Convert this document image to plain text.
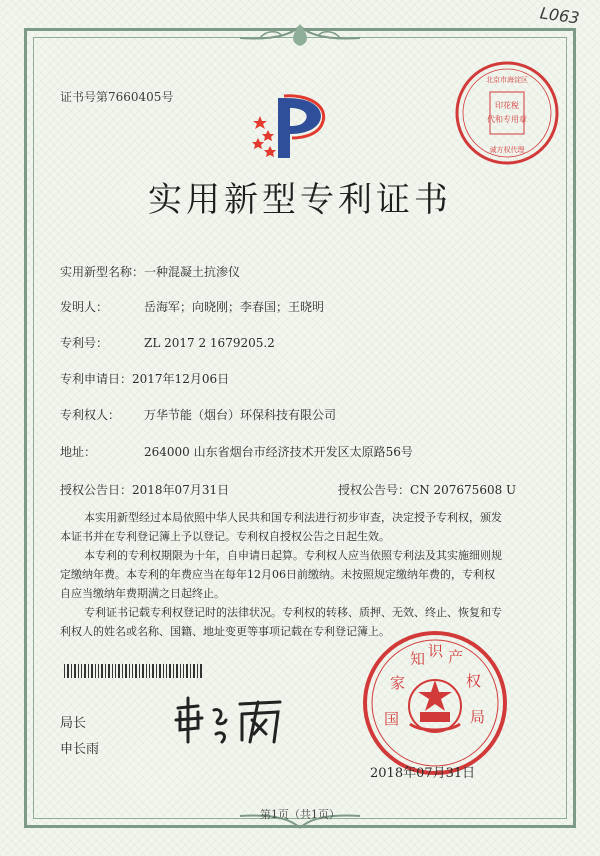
L063
证书号第7660405号
北京市海淀区
诚方权代理
印花税
代和专用章
实用新型专利证书
实用新型名称：一种混凝土抗渗仪
发明人：	岳海军；向晓刚；李春国；王晓明
专利号：	ZL 2017 2 1679205.2
专利申请日：2017年12月06日
专利权人： 万华节能（烟台）环保科技有限公司
地址：	264000 山东省烟台市经济技术开发区太原路56号
授权公告日：2018年07月31日	授权公告号：CN 207675608 U
本实用新型经过本局依照中华人民共和国专利法进行初步审查，决定授予专利权，颁发
本证书并在专利登记簿上予以登记。专利权自授权公告之日起生效。
本专利的专利权期限为十年，自申请日起算。专利权人应当依照专利法及其实施细则规
定缴纳年费。本专利的年费应当在每年12月06日前缴纳。未按照规定缴纳年费的，专利权
自应当缴纳年费期满之日起终止。
专利证书记载专利权登记时的法律状况。专利权的转移、质押、无效、终止、恢复和专
利权人的姓名或名称、国籍、地址变更等事项记载在专利登记簿上。
局长
申长雨
国
家
知 识 产
权
局
2018年07月31日
第1页（共1页）
